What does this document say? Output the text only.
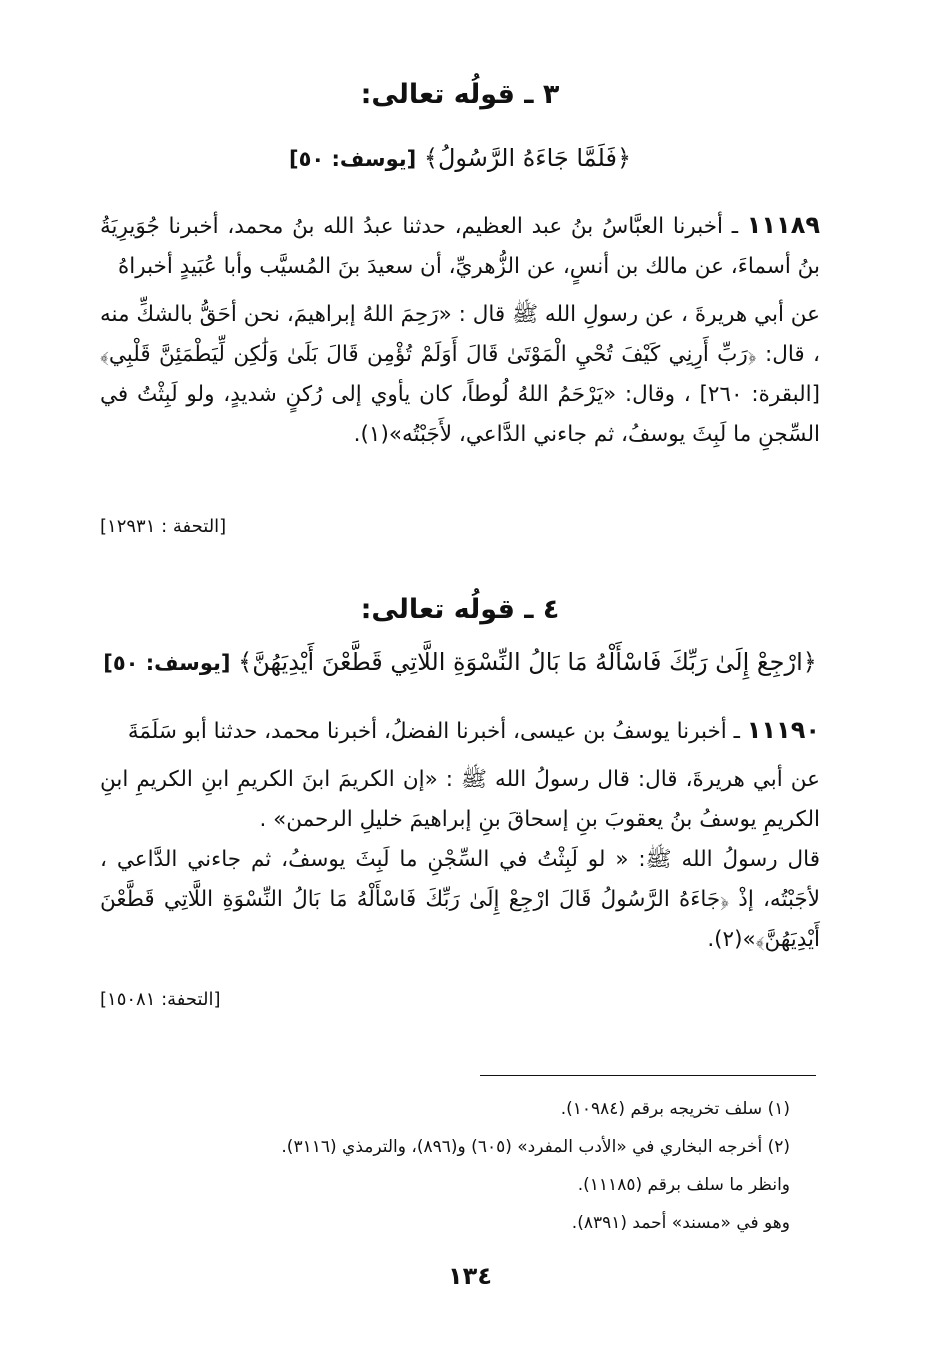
٣ ـ قولُه تعالى:
﴿فَلَمَّا جَاءَهُ الرَّسُولُ﴾ [يوسف: ٥٠]

١١١٨٩ ـ أخبرنا العبَّاسُ بنُ عبد العظيم، حدثنا عبدُ الله بنُ محمد، أخبرنا جُوَيرِيَةُ بنُ أسماءَ، عن مالك بن أنسٍ، عن الزُّهريِّ، أن سعيدَ بنَ المُسيَّب وأبا عُبَيدٍ أخبراهُ

عن أبي هريرةَ ، عن رسولِ الله ﷺ قال : «رَحِمَ اللهُ إبراهيمَ، نحن أحَقُّ بالشكِّ منه ، قال: ﴿رَبِّ أَرِنِي كَيْفَ تُحْيِ الْمَوْتَىٰ قَالَ أَوَلَمْ تُؤْمِن قَالَ بَلَىٰ وَلَٰكِن لِّيَطْمَئِنَّ قَلْبِي﴾ [البقرة: ٢٦٠] ، وقال: «يَرْحَمُ اللهُ لُوطاً، كان يأوي إلى رُكنٍ شديدٍ، ولو لَبِثْتُ في السِّجنِ ما لَبِثَ يوسفُ، ثم جاءني الدَّاعي، لأَجَبْتُه»(١).

[التحفة : ١٢٩٣١]
٤ ـ قولُه تعالى:
﴿ارْجِعْ إِلَىٰ رَبِّكَ فَاسْأَلْهُ مَا بَالُ النِّسْوَةِ اللَّاتِي قَطَّعْنَ أَيْدِيَهُنَّ﴾ [يوسف: ٥٠]

١١١٩٠ ـ أخبرنا يوسفُ بن عيسى، أخبرنا الفضلُ، أخبرنا محمد، حدثنا أبو سَلَمَةَ

عن أبي هريرةَ، قال: قال رسولُ الله ﷺ : «إن الكريمَ ابنَ الكريمِ ابنِ الكريمِ ابنِ الكريمِ يوسفُ بنُ يعقوبَ بنِ إسحاقَ بنِ إبراهيمَ خليلِ الرحمن» .

قال رسولُ الله ﷺ: « لو لَبِثْتُ في السِّجْنِ ما لَبِثَ يوسفُ، ثم جاءني الدَّاعي ، لأجَبْتُه، إذْ ﴿جَاءَهُ الرَّسُولُ قَالَ ارْجِعْ إِلَىٰ رَبِّكَ فَاسْأَلْهُ مَا بَالُ النِّسْوَةِ اللَّاتِي قَطَّعْنَ أَيْدِيَهُنَّ﴾»(٢).

[التحفة: ١٥٠٨١]
(١) سلف تخريجه برقم (١٠٩٨٤).
(٢) أخرجه البخاري في «الأدب المفرد» (٦٠٥) و(٨٩٦)، والترمذي (٣١١٦).
وانظر ما سلف برقم (١١١٨٥).
وهو في «مسند» أحمد (٨٣٩١).
١٣٤
